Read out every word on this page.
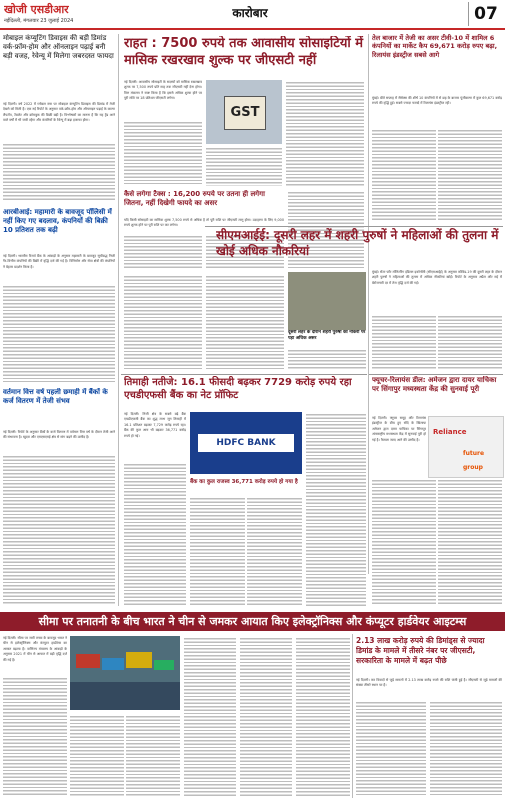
खोजी एसडीआर
नईदिल्ली, मंगलवार 23 जुलाई 2024
कारोबार	07
मोबाइल कंप्यूटिंग डिवाइस की बड़ी डिमांड वर्क-फ्रॉम-होम और ऑनलाइन पढ़ाई बनी बड़ी वजह, रेवेन्यू में मिलेगा जबरदस्त फायदा
नई दिल्ली। वर्ष 2022 में ग्लोबल स्तर पर मोबाइल कंप्यूटिंग डिवाइस की डिमांड में तेजी देखने को मिली है। एक नई रिपोर्ट के अनुसार वर्क-फ्रॉम-होम और ऑनलाइन पढ़ाई के कारण लैपटॉप, टैबलेट और क्रोमबुक की बिक्री बढ़ी है। विश्लेषकों का मानना है कि यह ट्रेंड आने वाले वर्षों में भी जारी रहेगा और कंपनियों के रेवेन्यू में बड़ा इजाफा होगा।
आरबीआई: महामारी के बावजूद पॉलिसी में नहीं किए गए बदलाव, कंपनियों की बिक्री 10 प्रतिशत तक बढ़ी
नई दिल्ली। भारतीय रिजर्व बैंक के आंकड़ों के अनुसार महामारी के बावजूद सूचीबद्ध निजी गैर-वित्तीय कंपनियों की बिक्री में वृद्धि दर्ज की गई है। विनिर्माण और सेवा क्षेत्रों की कंपनियों ने बेहतर प्रदर्शन किया है।
वर्तमान वित्त वर्ष पहली छमाही में बैंकों के कर्ज वितरण में तेजी संभव
नई दिल्ली। रिपोर्ट के अनुसार बैंकों के कर्ज वितरण में वर्तमान वित्त वर्ष के दौरान तेजी आने की संभावना है। खुदरा और एमएसएमई क्षेत्र से मांग बढ़ने की उम्मीद है।
राहत : 7500 रुपये तक आवासीय सोसाइटियों में मासिक रखरखाव शुल्क पर जीएसटी नहीं
नई दिल्ली। आवासीय सोसाइटी के सदस्यों को मासिक रखरखाव शुल्क पर 7,500 रुपये प्रति माह तक जीएसटी नहीं देना होगा। वित्त मंत्रालय ने स्पष्ट किया है कि इससे अधिक शुल्क होने पर पूरी राशि पर 18 प्रतिशत जीएसटी लगेगा।
GST
कैसे लगेगा टैक्स : 16,200 रुपये पर उतना ही लगेगा जितना, नहीं दिखेगी फायदे का असर
यदि किसी सोसाइटी का मासिक शुल्क 7,500 रुपये से अधिक है तो पूरी राशि पर जीएसटी लागू होगा। उदाहरण के लिए 9,000 रुपये शुल्क होने पर पूरी राशि पर कर लगेगा।
तेल बाजार में तेजी का असर टीवी-10 में शामिल 6 कंपनियों का मार्केट कैप 69,671 करोड़ रुपए बढ़ा, रिलायंस इंडस्ट्रीज सबसे आगे
मुंबई। बीते सप्ताह में सेंसेक्स की शीर्ष 10 कंपनियों में से छह के बाजार पूंजीकरण में कुल 69,671 करोड़ रुपये की वृद्धि हुई। सबसे ज्यादा फायदे में रिलायंस इंडस्ट्रीज रही।
सीएमआईई: दूसरी लहर में शहरी पुरुषों ने महिलाओं की तुलना में खोई अधिक नौकरियां
मुंबई। सेंटर फॉर मॉनिटरिंग इंडियन इकोनॉमी (सीएमआईई) के अनुसार कोविड-19 की दूसरी लहर के दौरान शहरी पुरुषों ने महिलाओं की तुलना में अधिक नौकरियां खोईं। रिपोर्ट के अनुसार अप्रैल और मई में बेरोजगारी दर में तेज वृद्धि दर्ज की गई।
दूसरी लहर के दौरान शहरी पुरुषों की नौकरी पर पड़ा अधिक असर
तिमाही नतीजे: 16.1 फीसदी बढ़कर 7729 करोड़ रुपये रहा एचडीएफसी बैंक का नेट प्रॉफिट
नई दिल्ली। निजी क्षेत्र के सबसे बड़े बैंक एचडीएफसी बैंक का शुद्ध लाभ जून तिमाही में 16.1 प्रतिशत बढ़कर 7,729 करोड़ रुपये रहा। बैंक की कुल आय भी बढ़कर 36,771 करोड़ रुपये हो गई।
HDFC BANK
बैंक का कुल राजस्व 36,771 करोड़ रुपये हो गया है
फ्यूचर-रिलायंस डील: अमेजन द्वारा दायर याचिका पर सिंगापुर मध्यस्थता केंद्र की सुनवाई पूरी
नई दिल्ली। फ्यूचर समूह और रिलायंस इंडस्ट्रीज के बीच हुए सौदे के खिलाफ अमेजन द्वारा दायर याचिका पर सिंगापुर अंतरराष्ट्रीय मध्यस्थता केंद्र में सुनवाई पूरी हो गई है। फैसला जल्द आने की उम्मीद है।
Reliance
future group
सीमा पर तनातनी के बीच भारत ने चीन से जमकर आयात किए इलेक्ट्रॉनिक्स और कंप्यूटर हार्डवेयर आइटम्स
नई दिल्ली। सीमा पर जारी तनाव के बावजूद भारत ने चीन से इलेक्ट्रॉनिक्स और कंप्यूटर हार्डवेयर का आयात बढ़ाया है। वाणिज्य मंत्रालय के आंकड़ों के अनुसार 2021 में चीन से आयात में बड़ी वृद्धि दर्ज की गई है।
2.13 लाख करोड़ रुपये की डिमांड्स से ज्यादा डिमांड के मामले में तीसरे नंबर पर जीएसटी, सरकारिता के मामले में बढ़त पीछे
नई दिल्ली। कर विवादों से जुड़े मामलों में 2.13 लाख करोड़ रुपये की राशि फंसी हुई है। जीएसटी से जुड़े मामलों की संख्या तीसरे स्थान पर है।
